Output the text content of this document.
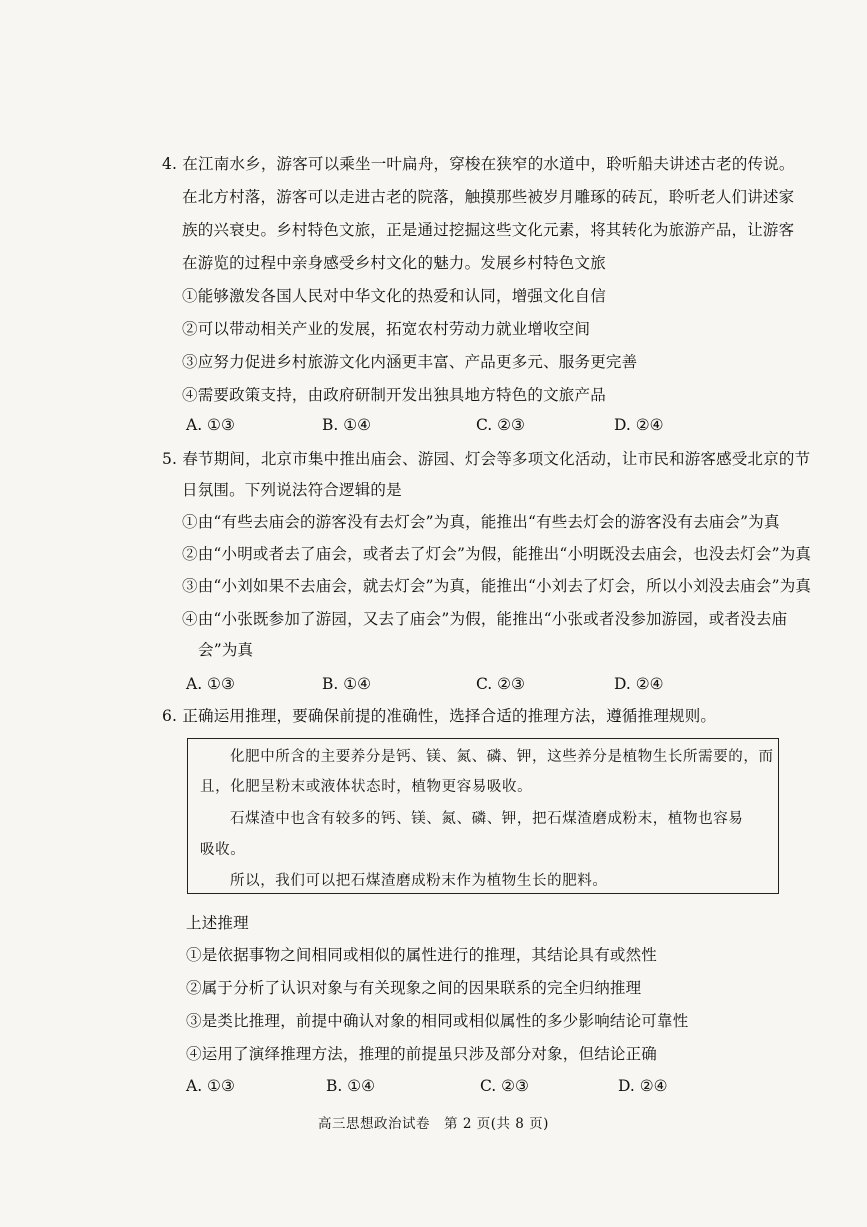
4. 在江南水乡，游客可以乘坐一叶扁舟，穿梭在狭窄的水道中，聆听船夫讲述古老的传说。
在北方村落，游客可以走进古老的院落，触摸那些被岁月雕琢的砖瓦，聆听老人们讲述家
族的兴衰史。乡村特色文旅，正是通过挖掘这些文化元素，将其转化为旅游产品，让游客
在游览的过程中亲身感受乡村文化的魅力。发展乡村特色文旅
①能够激发各国人民对中华文化的热爱和认同，增强文化自信
②可以带动相关产业的发展，拓宽农村劳动力就业增收空间
③应努力促进乡村旅游文化内涵更丰富、产品更多元、服务更完善
④需要政策支持，由政府研制开发出独具地方特色的文旅产品
A. ①③	B. ①④	C. ②③	D. ②④
5. 春节期间，北京市集中推出庙会、游园、灯会等多项文化活动，让市民和游客感受北京的节
日氛围。下列说法符合逻辑的是
①由“有些去庙会的游客没有去灯会”为真，能推出“有些去灯会的游客没有去庙会”为真
②由“小明或者去了庙会，或者去了灯会”为假，能推出“小明既没去庙会，也没去灯会”为真
③由“小刘如果不去庙会，就去灯会”为真，能推出“小刘去了灯会，所以小刘没去庙会”为真
④由“小张既参加了游园，又去了庙会”为假，能推出“小张或者没参加游园，或者没去庙
会”为真
A. ①③	B. ①④	C. ②③	D. ②④
6. 正确运用推理，要确保前提的准确性，选择合适的推理方法，遵循推理规则。
化肥中所含的主要养分是钙、镁、氮、磷、钾，这些养分是植物生长所需要的，而
且，化肥呈粉末或液体状态时，植物更容易吸收。
石煤渣中也含有较多的钙、镁、氮、磷、钾，把石煤渣磨成粉末，植物也容易
吸收。
所以，我们可以把石煤渣磨成粉末作为植物生长的肥料。
上述推理
①是依据事物之间相同或相似的属性进行的推理，其结论具有或然性
②属于分析了认识对象与有关现象之间的因果联系的完全归纳推理
③是类比推理，前提中确认对象的相同或相似属性的多少影响结论可靠性
④运用了演绎推理方法，推理的前提虽只涉及部分对象，但结论正确
A. ①③	B. ①④	C. ②③	D. ②④
高三思想政治试卷　第 2 页(共 8 页)
